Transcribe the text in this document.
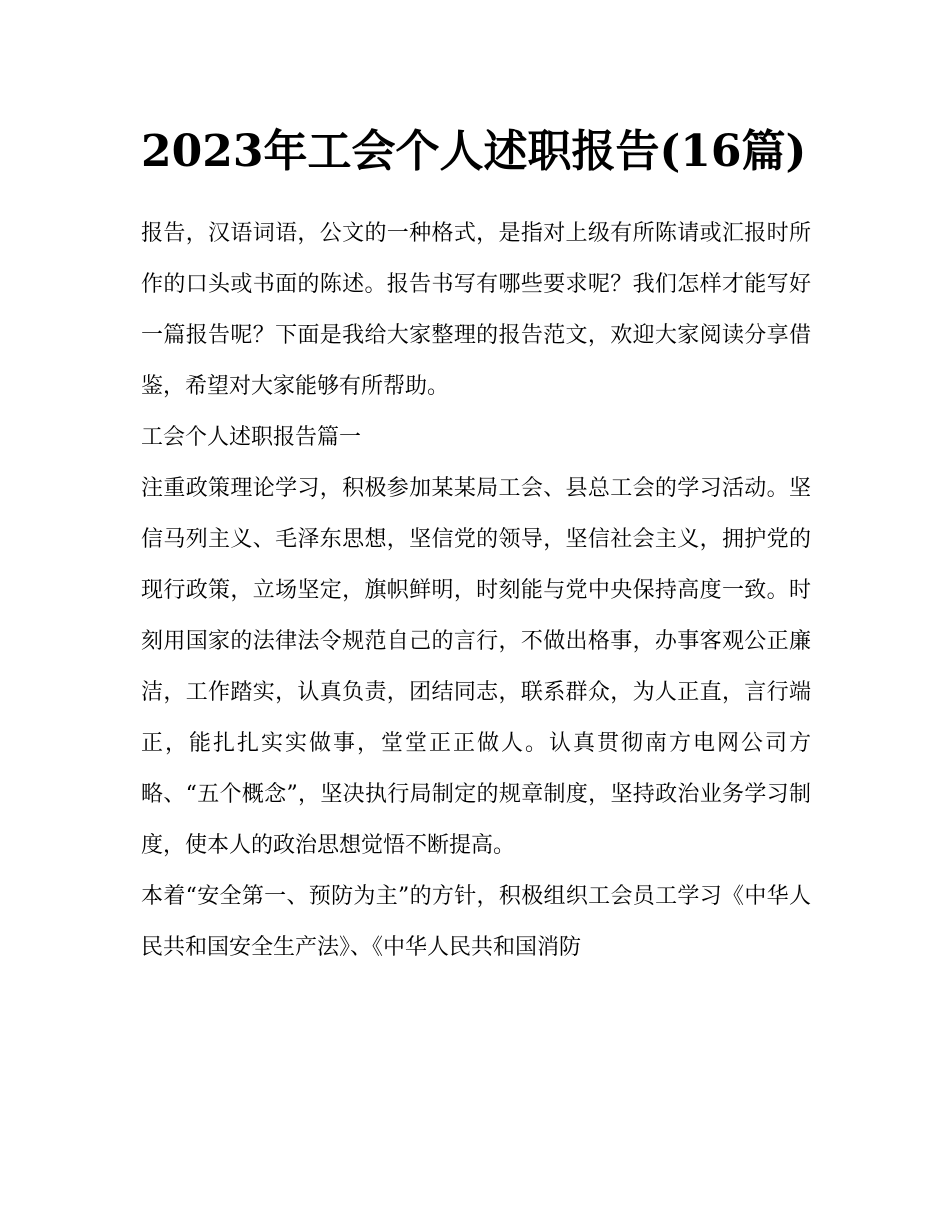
2023年工会个人述职报告(16篇)

报告，汉语词语，公文的一种格式，是指对上级有所陈请或汇报时所作的口头或书面的陈述。报告书写有哪些要求呢？我们怎样才能写好一篇报告呢？下面是我给大家整理的报告范文，欢迎大家阅读分享借鉴，希望对大家能够有所帮助。

工会个人述职报告篇一

注重政策理论学习，积极参加某某局工会、县总工会的学习活动。坚信马列主义、毛泽东思想，坚信党的领导，坚信社会主义，拥护党的现行政策，立场坚定，旗帜鲜明，时刻能与党中央保持高度一致。时刻用国家的法律法令规范自己的言行，不做出格事，办事客观公正廉洁，工作踏实，认真负责，团结同志，联系群众，为人正直，言行端正，能扎扎实实做事，堂堂正正做人。认真贯彻南方电网公司方略、“五个概念”，坚决执行局制定的规章制度，坚持政治业务学习制度，使本人的政治思想觉悟不断提高。

本着“安全第一、预防为主”的方针，积极组织工会员工学习《中华人民共和国安全生产法》、《中华人民共和国消防
